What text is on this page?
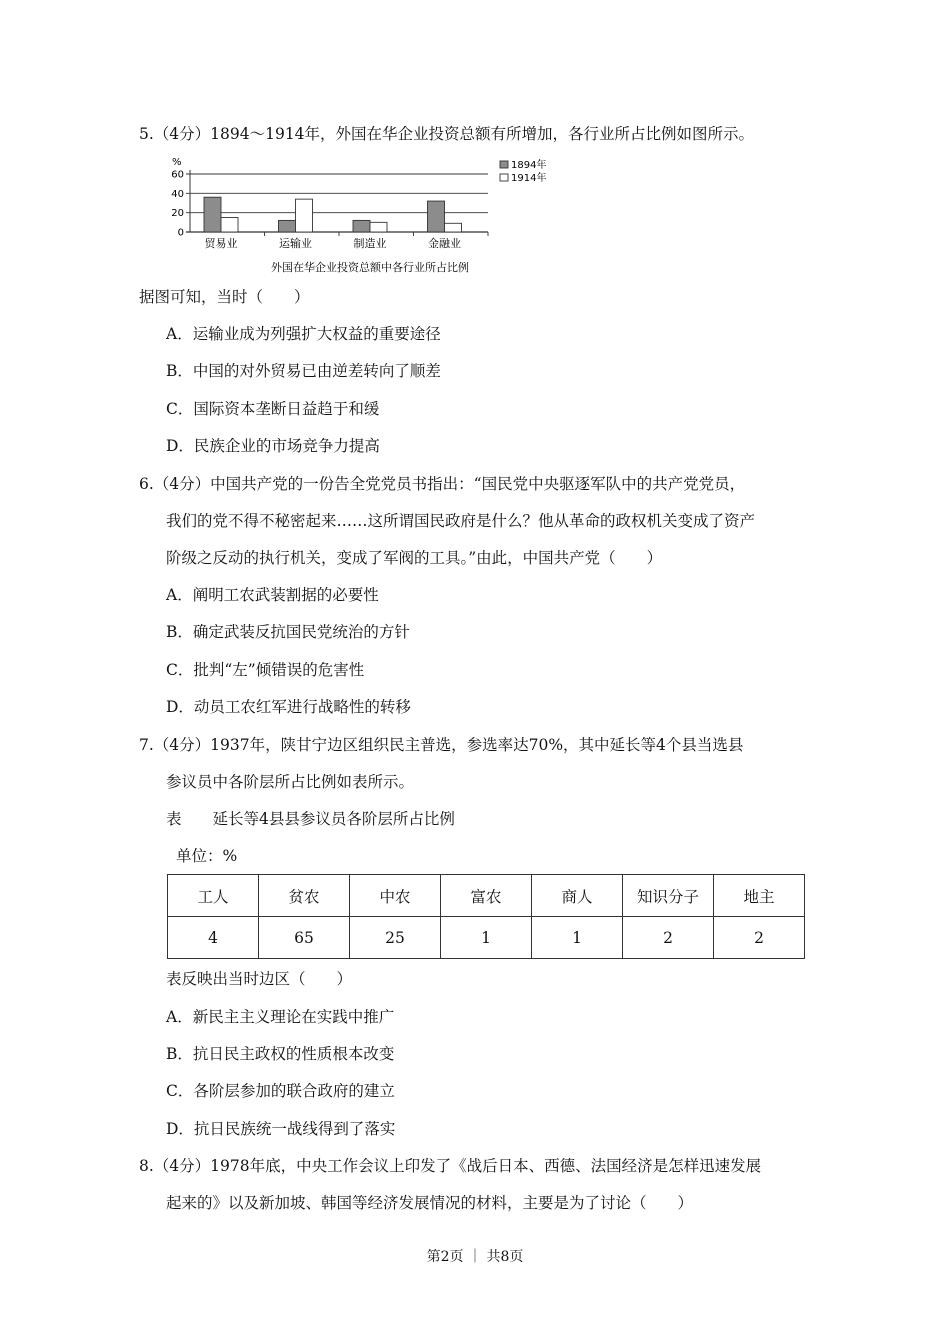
5.（4分）1894～1914年，外国在华企业投资总额有所增加，各行业所占比例如图所示。
%
60
40
20
0
贸易业	运输业	制造业	金融业
1894年
1914年
外国在华企业投资总额中各行业所占比例
据图可知，当时（　　）
A．运输业成为列强扩大权益的重要途径
B．中国的对外贸易已由逆差转向了顺差
C．国际资本垄断日益趋于和缓
D．民族企业的市场竞争力提高
6.（4分）中国共产党的一份告全党党员书指出：“国民党中央驱逐军队中的共产党党员，
我们的党不得不秘密起来……这所谓国民政府是什么？他从革命的政权机关变成了资产
阶级之反动的执行机关，变成了军阀的工具。”由此，中国共产党（　　）
A．阐明工农武装割据的必要性
B．确定武装反抗国民党统治的方针
C．批判“左”倾错误的危害性
D．动员工农红军进行战略性的转移
7.（4分）1937年，陕甘宁边区组织民主普选，参选率达70%，其中延长等4个县当选县
参议员中各阶层所占比例如表所示。
表　　延长等4县县参议员各阶层所占比例
单位：%
工人	贫农	中农	富农	商人	知识分子	地主
4	65	25	1	1	2	2
表反映出当时边区（　　）
A．新民主主义理论在实践中推广
B．抗日民主政权的性质根本改变
C．各阶层参加的联合政府的建立
D．抗日民族统一战线得到了落实
8.（4分）1978年底，中央工作会议上印发了《战后日本、西德、法国经济是怎样迅速发展
起来的》以及新加坡、韩国等经济发展情况的材料，主要是为了讨论（　　）
第2页 ｜ 共8页
